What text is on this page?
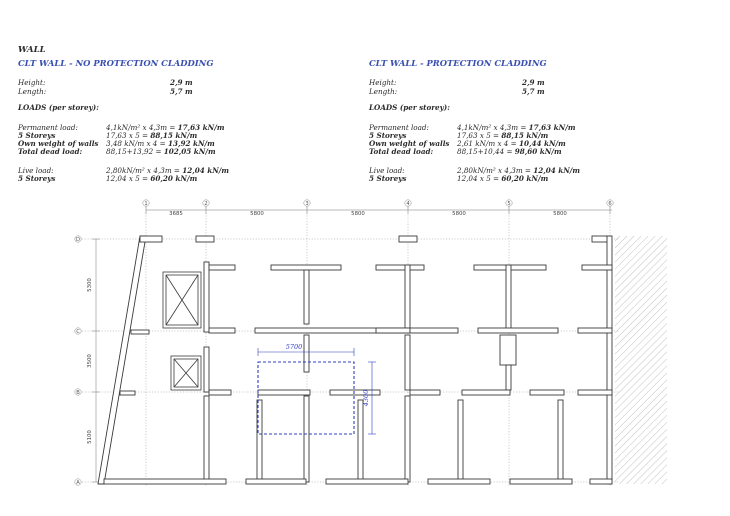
WALL
CLT WALL - NO PROTECTION CLADDING
Height:	2,9 m
Length:	5,7 m
LOADS (per storey):
Permanent load:	4,1kN/m² x 4,3m = 17,63 kN/m
5 Storeys	17,63 x 5 = 88,15 kN/m
Own weight of walls 3,48 kN/m x 4 = 13,92 kN/m
Total dead load:	88,15+13,92 = 102,05 kN/m
Live load:	2,80kN/m² x 4,3m = 12,04 kN/m
5 Storeys	12,04 x 5 = 60,20 kN/m
CLT WALL - PROTECTION CLADDING
Height:	2,9 m
Length:	5,7 m
LOADS (per storey):
Permanent load:	4,1kN/m² x 4,3m = 17,63 kN/m
5 Storeys	17,63 x 5 = 88,15 kN/m
Own weight of walls 2,61 kN/m x 4 = 10,44 kN/m
Total dead load:	88,15+10,44 = 98,60 kN/m
Live load:	2,80kN/m² x 4,3m = 12,04 kN/m
5 Storeys	12,04 x 5 = 60,20 kN/m
3685	5800	5800	5800	5800
1	2	3	4	5	6
D
C
B
A
5300
3500
5100
5700
4300
